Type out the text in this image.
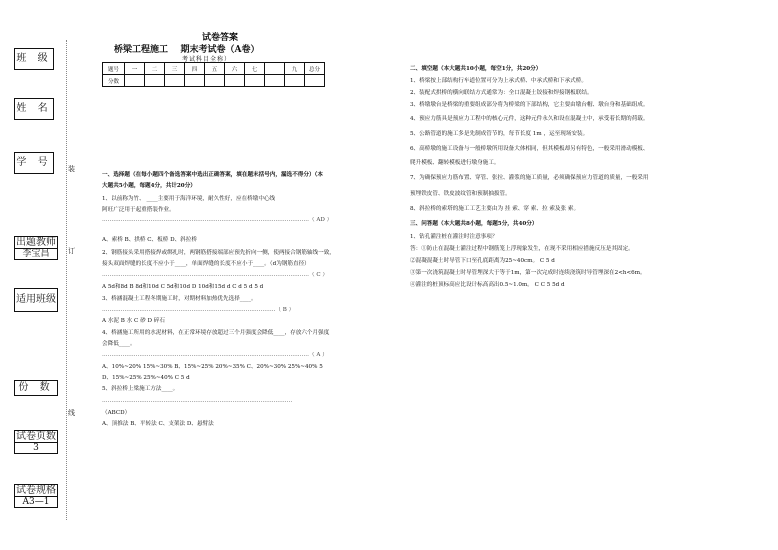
班 级
姓 名
学 号
出题教师
李宝昌
适用班级
份 数
试卷页数
3
试卷规格
A3—1
装
订
线
试卷答案
桥梁工程施工    期末考试卷（A卷）
考试科目全称）
题号	一	二	三	四	五	六	七		九	总分
分数										
一、选择题（在每小题四个备选答案中选出正确答案，填在题末括号内，漏选不得分）（本
大题共5小题，每题4分，共计20分）
1、以前称为竹、 ____主要用于海洋环境，耐久性好，应在桥墩中心线
阿旺广泛用于起重搭装作业。
…………………………………………………………………………………………………（ AD ）
A、索桥 B、拱桥 C、板桥 D、斜拉桥
2、钢筋接头采用搭接焊或绑扎时，两钢筋搭接端部应预先折向一侧，使两接合钢筋轴线一致，
接头双面焊缝的长度不应小于____，单面焊缝的长度不应小于____。（d为钢筋直径）
…………………………………………………………………………………………………（ C ）
A 5d和8d B 8d和10d C 5d和10d D 10d和15d d C d 5 d 5 d
3、桥涵混凝土工程冬期施工时，对期材料加热优先选择____。
…………………………………………………………………………………（ B ）
A 水泥 B 水 C 砂 D 碎石
4、桥涵施工所用的水泥材料，在正常环境存放超过三个月强度会降低____，存放六个月强度
会降低____。
…………………………………………………………………………………………………（ A ）
A、10%~20% 15%~30% B、15%~25% 20%~35% C、20%~30% 25%~40% 5
D、15%~25% 25%~40% C 5 d
5、斜拉桥上梁施工方法____。
…………………………………………………………………………………………
（ABCD）
A、顶推法 B、平转法 C、支架法 D、悬臂法
二、填空题（本大题共10小题，每空1分，共20分）
1、桥梁按上部结构行车道位置可分为上承式桥、中承式桥和下承式桥。
2、装配式拱桥的横向联结方式通常为：全口混凝土铰接和焊接钢板联结。
3、桥墩墩台是桥梁的重要组成部分将为桥梁的下部结构，它主要由墩台帽、墩台身和基础组成。
4、预应力筋具是预应力工程中的核心元件，这种元件永久和设在混凝土中，承受着长期的荷载。
5、公路管道的施工多是先制成管节的，每节长度 1m ，运至现场安装。
6、高桥墩的施工设备与一般桥墩所用设备大体相同，但其模板却另有特色，一般采用滑动模板、
爬升模板、翻转模板进行墩身施工。
7、为确保预应力筋布置、穿管、张拉、灌浆的施工质量，必须确保预应力管道的质量，一般采用
预埋铁皮管、铁皮波纹管和预制抽拔管。
8、斜拉桥的索塔的施工工艺主要由为 挂 索、穿 索、拉 索及张 索。
三、问答题（本大题共8小题，每题5分，共40分）
1、钻孔灌注桩在灌注时注意事项？
答：①防止在混凝土灌注过程中钢筋笼上浮现象发生，在现不采用相应措施反压是其固定。
②混凝混凝土时导管下口至孔底距离为25~40cm。 C 5 d
③第一次浇筑混凝土时导管埋深大于等于1m，第一次完成时连续浇筑时导管埋深在2<h<6m。
④灌注的桩顶标高应比设计标高高出0.5~1.0m。 C C 5 5d d
